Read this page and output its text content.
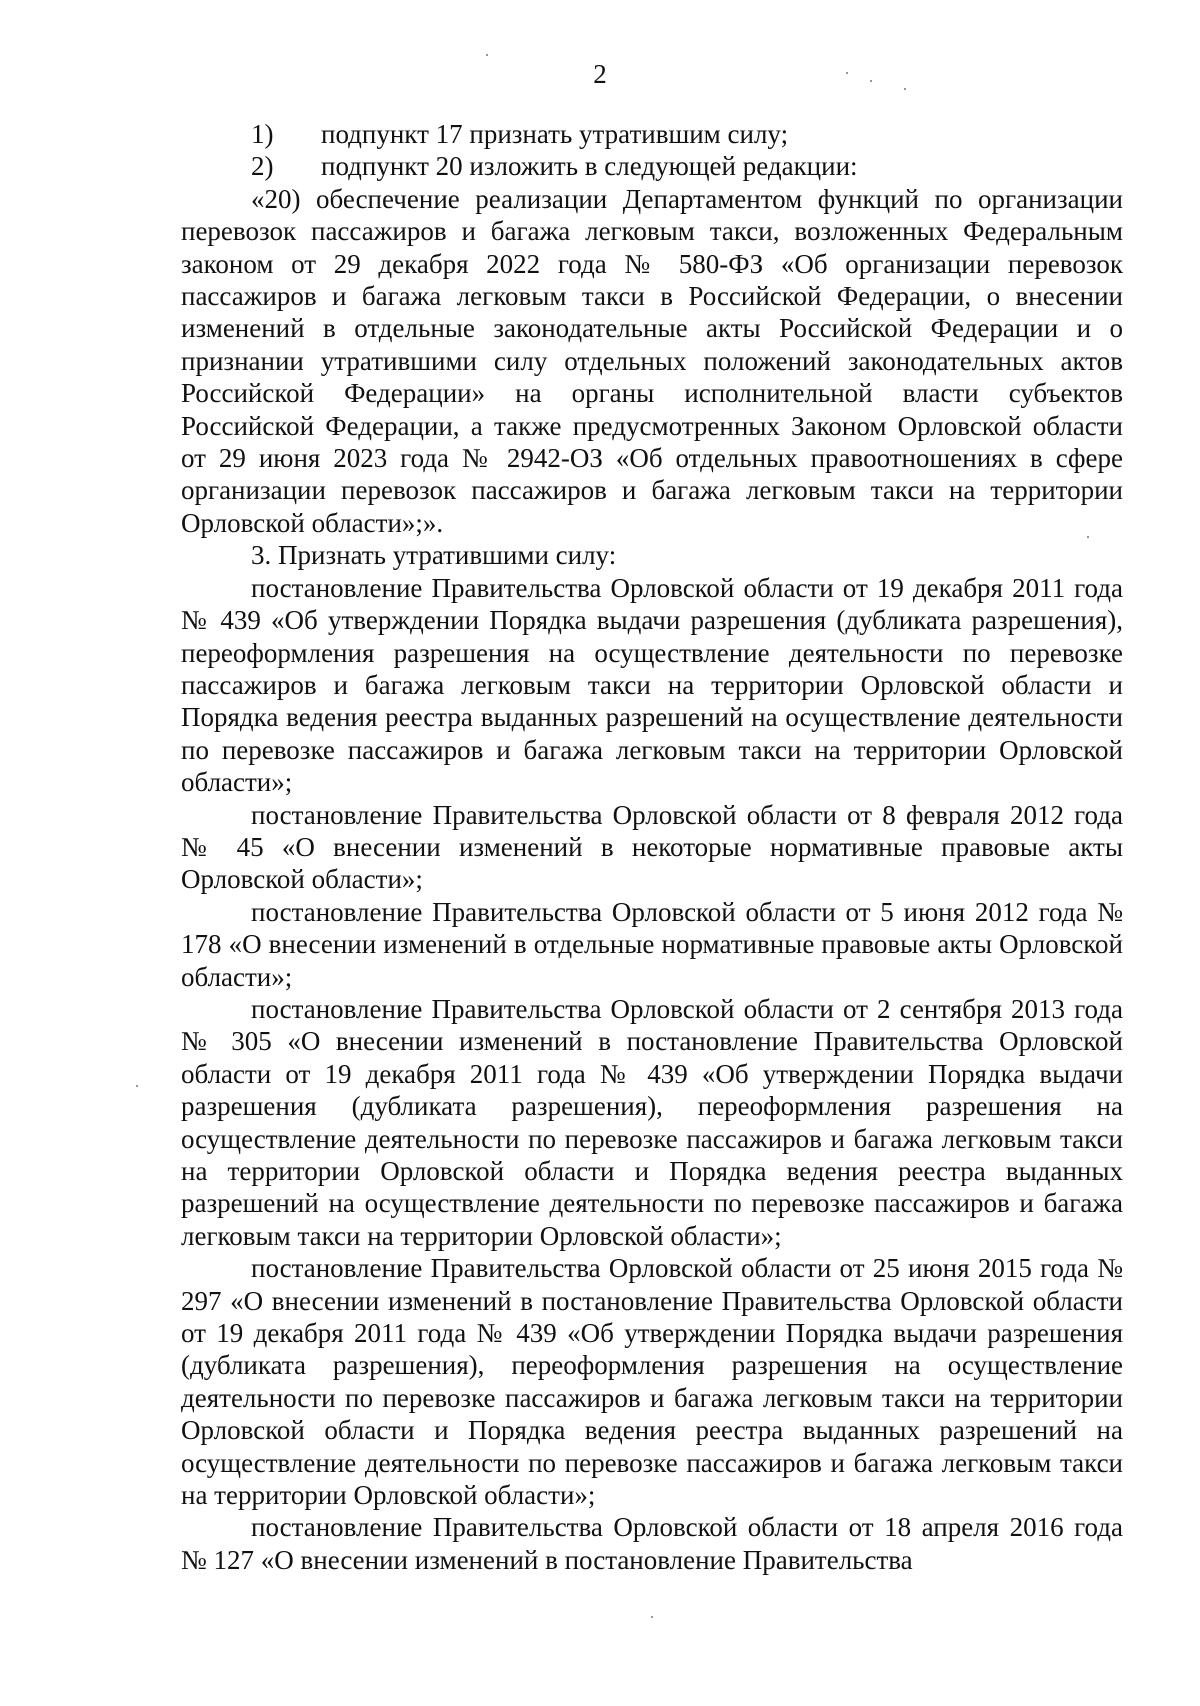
2
1)	подпункт 17 признать утратившим силу;
2)	подпункт 20 изложить в следующей редакции:

«20) обеспечение реализации Департаментом функций по организации перевозок пассажиров и багажа легковым такси, возложенных Федеральным законом от 29 декабря 2022 года № 580-ФЗ «Об организации перевозок пассажиров и багажа легковым такси в Российской Федерации, о внесении изменений в отдельные законодательные акты Российской Федерации и о признании утратившими силу отдельных положений законодательных актов Российской Федерации» на органы исполнительной власти субъектов Российской Федерации, а также предусмотренных Законом Орловской области от 29 июня 2023 года № 2942-ОЗ «Об отдельных правоотношениях в сфере организации перевозок пассажиров и багажа легковым такси на территории Орловской области»;».

3. Признать утратившими силу:

постановление Правительства Орловской области от 19 декабря 2011 года № 439 «Об утверждении Порядка выдачи разрешения (дубликата разрешения), переоформления разрешения на осуществление деятельности по перевозке пассажиров и багажа легковым такси на территории Орловской области и Порядка ведения реестра выданных разрешений на осуществление деятельности по перевозке пассажиров и багажа легковым такси на территории Орловской области»;

постановление Правительства Орловской области от 8 февраля 2012 года № 45 «О внесении изменений в некоторые нормативные правовые акты Орловской области»;

постановление Правительства Орловской области от 5 июня 2012 года № 178 «О внесении изменений в отдельные нормативные правовые акты Орловской области»;

постановление Правительства Орловской области от 2 сентября 2013 года № 305 «О внесении изменений в постановление Правительства Орловской области от 19 декабря 2011 года № 439 «Об утверждении Порядка выдачи разрешения (дубликата разрешения), переоформления разрешения на осуществление деятельности по перевозке пассажиров и багажа легковым такси на территории Орловской области и Порядка ведения реестра выданных разрешений на осуществление деятельности по перевозке пассажиров и багажа легковым такси на территории Орловской области»;

постановление Правительства Орловской области от 25 июня 2015 года № 297 «О внесении изменений в постановление Правительства Орловской области от 19 декабря 2011 года № 439 «Об утверждении Порядка выдачи разрешения (дубликата разрешения), переоформления разрешения на осуществление деятельности по перевозке пассажиров и багажа легковым такси на территории Орловской области и Порядка ведения реестра выданных разрешений на осуществление деятельности по перевозке пассажиров и багажа легковым такси на территории Орловской области»;

постановление Правительства Орловской области от 18 апреля 2016 года № 127 «О внесении изменений в постановление Правительства
